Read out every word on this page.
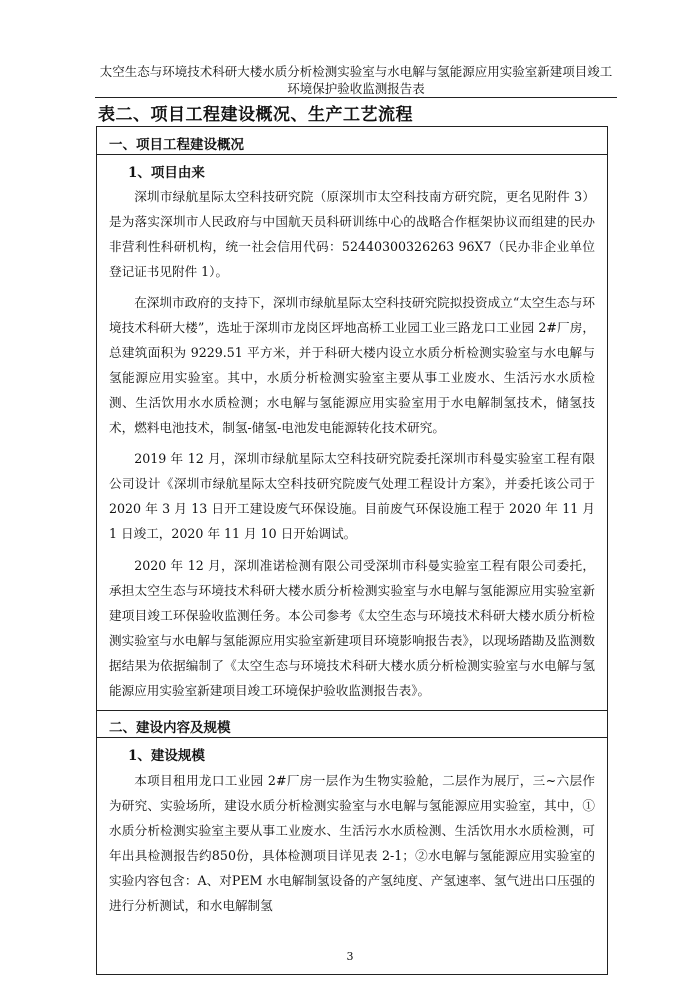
太空生态与环境技术科研大楼水质分析检测实验室与水电解与氢能源应用实验室新建项目竣工环境保护验收监测报告表
表二、项目工程建设概况、生产工艺流程
一、项目工程建设概况
1、项目由来
深圳市绿航星际太空科技研究院（原深圳市太空科技南方研究院，更名见附件 3）是为落实深圳市人民政府与中国航天员科研训练中心的战略合作框架协议而组建的民办非营利性科研机构，统一社会信用代码：52440300326263 96X7（民办非企业单位登记证书见附件 1）。
在深圳市政府的支持下，深圳市绿航星际太空科技研究院拟投资成立“太空生态与环境技术科研大楼”，选址于深圳市龙岗区坪地高桥工业园工业三路龙口工业园 2#厂房，总建筑面积为 9229.51 平方米，并于科研大楼内设立水质分析检测实验室与水电解与氢能源应用实验室。其中，水质分析检测实验室主要从事工业废水、生活污水水质检测、生活饮用水水质检测；水电解与氢能源应用实验室用于水电解制氢技术，储氢技术，燃料电池技术，制氢-储氢-电池发电能源转化技术研究。
2019 年 12 月，深圳市绿航星际太空科技研究院委托深圳市科曼实验室工程有限公司设计《深圳市绿航星际太空科技研究院废气处理工程设计方案》，并委托该公司于 2020 年 3 月 13 日开工建设废气环保设施。目前废气环保设施工程于 2020 年 11 月 1 日竣工，2020 年 11 月 10 日开始调试。
2020 年 12 月，深圳准诺检测有限公司受深圳市科曼实验室工程有限公司委托，承担太空生态与环境技术科研大楼水质分析检测实验室与水电解与氢能源应用实验室新建项目竣工环保验收监测任务。本公司参考《太空生态与环境技术科研大楼水质分析检测实验室与水电解与氢能源应用实验室新建项目环境影响报告表》，以现场踏勘及监测数据结果为依据编制了《太空生态与环境技术科研大楼水质分析检测实验室与水电解与氢能源应用实验室新建项目竣工环境保护验收监测报告表》。
二、建设内容及规模
1、建设规模
本项目租用龙口工业园 2#厂房一层作为生物实验舱，二层作为展厅，三~六层作为研究、实验场所，建设水质分析检测实验室与水电解与氢能源应用实验室，其中，①水质分析检测实验室主要从事工业废水、生活污水水质检测、生活饮用水水质检测，可年出具检测报告约850份，具体检测项目详见表 2-1；②水电解与氢能源应用实验室的实验内容包含：A、对PEM 水电解制氢设备的产氢纯度、产氢速率、氢气进出口压强的进行分析测试，和水电解制氢
3
